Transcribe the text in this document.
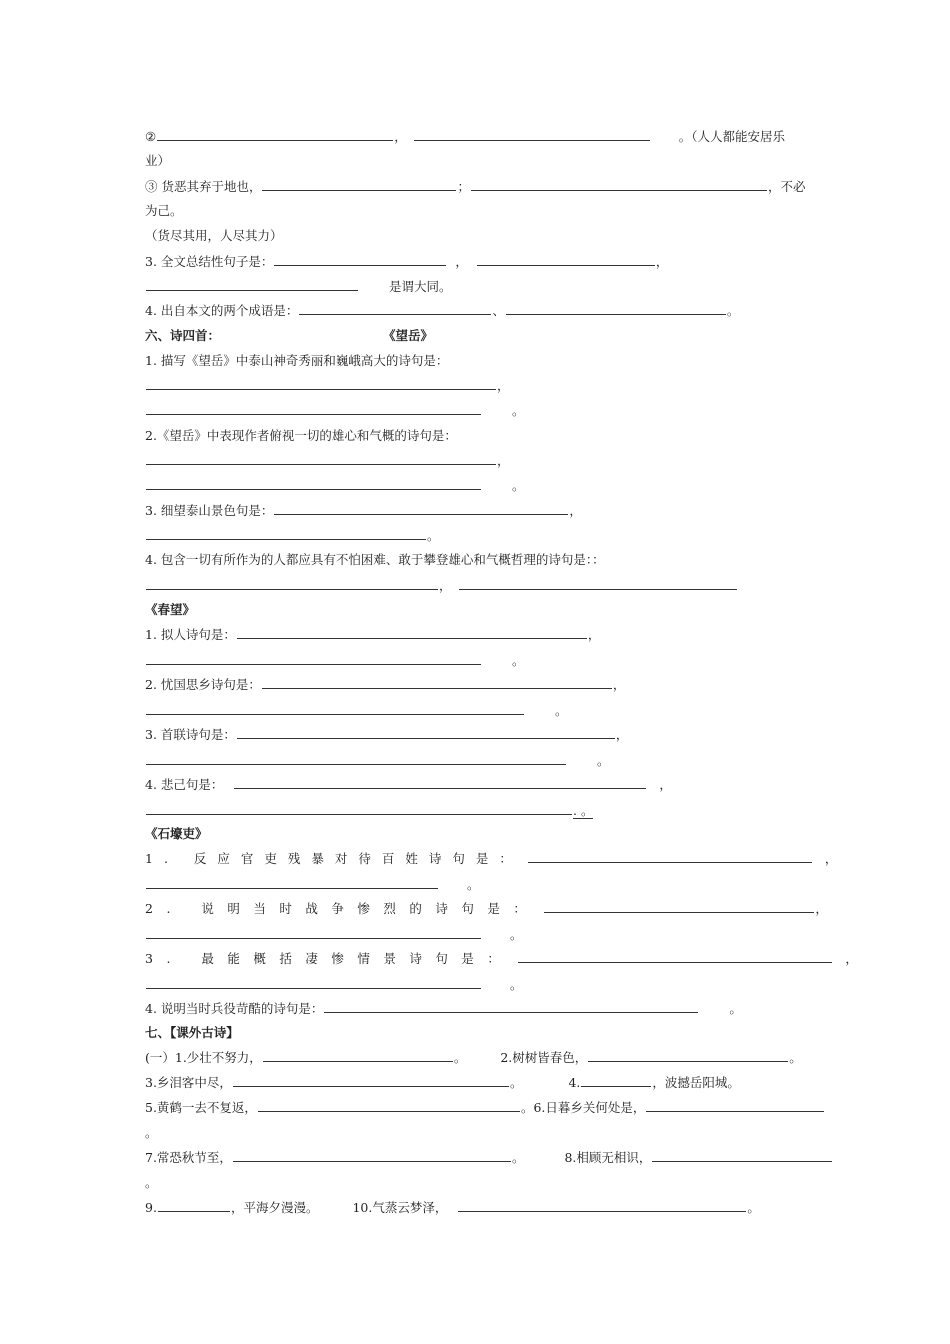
②	，	。（人人都能安居乐
业）
③ 货恶其弃于地也，	；	，不必
为己。
（货尽其用，人尽其力）
3. 全文总结性句子是：	，	，
是谓大同。
4. 出自本文的两个成语是：	、	。
六、诗四首：	《望岳》
1. 描写《望岳》中泰山神奇秀丽和巍峨高大的诗句是：
，
。
2.《望岳》中表现作者俯视一切的雄心和气概的诗句是：
，
。
3. 细望泰山景色句是：	，
。
4. 包含一切有所作为的人都应具有不怕困难、敢于攀登雄心和气概哲理的诗句是：：
，
《春望》
1. 拟人诗句是：	，
。
2. 忧国思乡诗句是：	，
。
3. 首联诗句是：	，
。
4. 悲己句是：	，
. 。
《石壕吏》
1. 反应官吏残暴对待百姓诗句是：	，
。
2. 说明当时战争惨烈的诗句是：	，
。
3. 最能概括凄惨情景诗句是：	，
。
4. 说明当时兵役苛酷的诗句是：	。
七、【课外古诗】
(一）1.少壮不努力，	。	2.树树皆春色，	。
3.乡泪客中尽，	。	4.	，波撼岳阳城。
5.黄鹤一去不复返，	。6.日暮乡关何处是，
。
7.常恐秋节至，	。	8.相顾无相识，
。
9.	，平海夕漫漫。	10.气蒸云梦泽，	。
